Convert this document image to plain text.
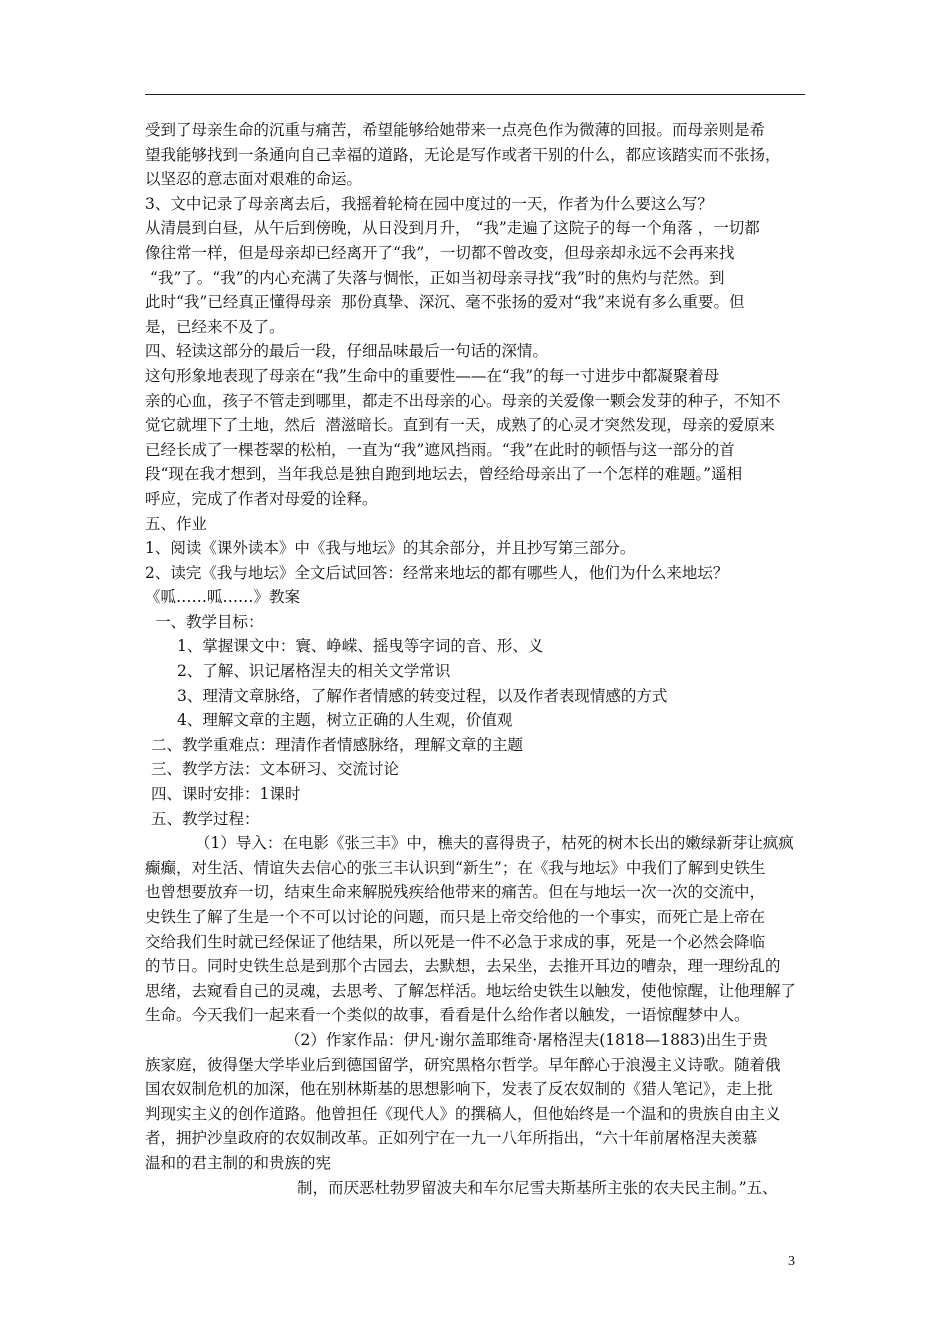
受到了母亲生命的沉重与痛苦，希望能够给她带来一点亮色作为微薄的回报。而母亲则是希
望我能够找到一条通向自己幸福的道路，无论是写作或者干别的什么，都应该踏实而不张扬，
以坚忍的意志面对艰难的命运。
3、文中记录了母亲离去后，我摇着轮椅在园中度过的一天，作者为什么要这么写？
从清晨到白昼，从午后到傍晚，从日没到月升， “我”走遍了这院子的每一个角落 ，一切都
像往常一样，但是母亲却已经离开了“我”，一切都不曾改变，但母亲却永远不会再来找
“我”了。“我”的内心充满了失落与惆怅，正如当初母亲寻找“我”时的焦灼与茫然。到
此时“我”已经真正懂得母亲  那份真挚、深沉、毫不张扬的爱对“我”来说有多么重要。但
是，已经来不及了。
四、轻读这部分的最后一段，仔细品味最后一句话的深情。
这句形象地表现了母亲在“我”生命中的重要性——在“我”的每一寸进步中都凝聚着母
亲的心血，孩子不管走到哪里，都走不出母亲的心。母亲的关爱像一颗会发芽的种子，不知不
觉它就埋下了土地，然后  潜滋暗长。直到有一天，成熟了的心灵才突然发现，母亲的爱原来
已经长成了一棵苍翠的松柏，一直为“我”遮风挡雨。“我”在此时的顿悟与这一部分的首
段“现在我才想到，当年我总是独自跑到地坛去，曾经给母亲出了一个怎样的难题。”遥相
呼应，完成了作者对母爱的诠释。
五、作业
1、阅读《课外读本》中《我与地坛》的其余部分，并且抄写第三部分。
2、读完《我与地坛》全文后试回答：经常来地坛的都有哪些人，他们为什么来地坛？
《呱……呱……》教案
一、教学目标：
1、掌握课文中：寰、峥嵘、摇曳等字词的音、形、义
2、了解、识记屠格涅夫的相关文学常识
3、理清文章脉络，了解作者情感的转变过程，以及作者表现情感的方式
4、理解文章的主题，树立正确的人生观，价值观
二、教学重难点：理清作者情感脉络，理解文章的主题
三、教学方法：文本研习、交流讨论
四、课时安排：1课时
五、教学过程：
（1）导入：在电影《张三丰》中，樵夫的喜得贵子，枯死的树木长出的嫩绿新芽让疯疯
癫癫，对生活、情谊失去信心的张三丰认识到“新生”；在《我与地坛》中我们了解到史铁生
也曾想要放弃一切，结束生命来解脱残疾给他带来的痛苦。但在与地坛一次一次的交流中，
史铁生了解了生是一个不可以讨论的问题，而只是上帝交给他的一个事实，而死亡是上帝在
交给我们生时就已经保证了他结果，所以死是一件不必急于求成的事，死是一个必然会降临
的节日。同时史铁生总是到那个古园去，去默想，去呆坐，去推开耳边的嘈杂，理一理纷乱的
思绪，去窥看自己的灵魂，去思考、了解怎样活。地坛给史铁生以触发，使他惊醒，让他理解了
生命。今天我们一起来看一个类似的故事，看看是什么给作者以触发，一语惊醒梦中人。
（2）作家作品：伊凡·谢尔盖耶维奇·屠格涅夫(1818—1883)出生于贵
族家庭，彼得堡大学毕业后到德国留学，研究黑格尔哲学。早年醉心于浪漫主义诗歌。随着俄
国农奴制危机的加深，他在别林斯基的思想影响下，发表了反农奴制的《猎人笔记》，走上批
判现实主义的创作道路。他曾担任《现代人》的撰稿人，但他始终是一个温和的贵族自由主义
者，拥护沙皇政府的农奴制改革。正如列宁在一九一八年所指出，“六十年前屠格涅夫羡慕
温和的君主制的和贵族的宪
制，而厌恶杜勃罗留波夫和车尔尼雪夫斯基所主张的农夫民主制。”五、
3
